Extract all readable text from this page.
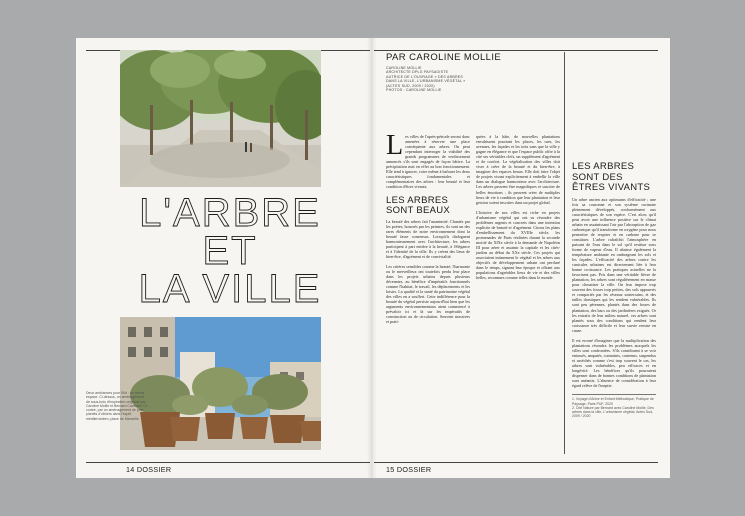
L'ARBRE
ET
LA VILLE
Deux ambiances pour l'ilôt : un même espace. Ci-dessus, un aménagement de sous-bois d'inspiration végétale par Caroline Mollie et Bernard Cavenne. Ci-contre, par un aménagement de pots plantés d'oliviers dans l'esprit méditerranéen, place de Marseille.
14 DOSSIER
PAR CAROLINE MOLLIE
CAROLINE MOLLIE
ARCHITECTE DPLG PAYSAGISTE
AUTRICE DE L'OUVRAGE « DES ARBRES
DANS LA VILLE, L'URBANISME VÉGÉTAL »
(ACTES SUD, 2009 / 2020)
PHOTOS : CAROLINE MOLLIE
L es villes de l'après-période seront donc amenées à réserver une place conséquente aux arbres. On peut cependant interroger la viabilité des grands programmes de verdissement annoncés s'ils sont engagés de façon hâtive. La précipitation nuit en effet au bon fonctionnement. Elle tend à ignorer, voire même à bafouer les deux caractéristiques fondamentales et complémentaires des arbres : leur beauté et leur condition d'êtres vivants.
LES ARBRES SONT BEAUX
La beauté des arbres fait l'unanimité. Chantés par les poètes, honorés par les peintres, ils sont un des rares éléments de notre environnement dont la beauté fasse consensus. Lorsqu'ils dialoguent harmonieusement avec l'architecture, les arbres participent à part entière à la beauté, à l'élégance et à l'identité de la ville. Ils y créent des lieux de bien-être, d'agrément et de convivialité.
Les critères sensibles comme la beauté, l'harmonie ou le merveilleux ont toutefois perdu leur place dans les projets urbains depuis plusieurs décennies, au bénéfice d'impératifs fonctionnels comme l'habitat, le travail, les déplacements et les loisirs. La qualité et la santé du patrimoine végétal des villes en a souffert. Cette indifférence pour la beauté du végétal persiste aujourd'hui bien que les arguments environnementaux aient commencé à prévaloir ici et là sur les impératifs de construction ou de circulation. Souvent massives et prati-
quées à la hâte, de nouvelles plantations envahissent pourtant les places, les rues, les avenues, les façades et les toits sans que la ville y gagne en élégance et que l'espace public offre à la cité ses véritables clefs, un supplément d'agrément et de confort. La végétalisation des villes doit viser à créer de la beauté et du bien-être, à imaginer des espaces beaux. Elle doit faire l'objet de projets visant explicitement à embellir la ville dans un dialogue harmonieux avec l'architecture. Les arbres peuvent être magnifiques et susciter de belles émotions ; ils peuvent créer de multiples lieux de vie à condition que leur plantation et leur gestion soient inscrites dans un projet global.
L'histoire de nos villes est riche en projets d'urbanisme végétal qui ont su résoudre des problèmes urgents et concrets dans une intention explicite de beauté et d'agrément. Citons les plans d'embellissement du XVIIIe siècle, les promenades de Paris réalisées durant la seconde moitié du XIXe siècle à la demande de Napoléon III pour aérer et assainir la capitale et les cités-jardins au début du XXe siècle. Ces projets qui associaient intimement le végétal et les arbres aux objectifs de développement urbain ont perduré dans le temps, signant leur époque et offrant aux populations d'agréables lieux de vie et des villes belles, reconnues comme telles dans le monde.
LES ARBRES SONT DES ÊTRES VIVANTS
Un arbre ancien aux optimums d'efficacité ; une fois sa couronne et son système racinaire pleinement développés, conformément aux caractéristiques de son espèce. C'est alors qu'il peut avoir une influence positive sur le climat urbain en assainissant l'air par l'absorption de gaz carbonique qu'il transforme en oxygène pour nous permettre de respirer et en carbone pour se constituer. L'arbre rafraîchit l'atmosphère en puisant de l'eau dans le sol qu'il restitue sous forme de vapeur d'eau. Il abaisse également la température ambiante en ombrageant les sols et les façades. L'efficacité des arbres contre les canicules urbaines est directement liée à leur bonne croissance. Les pratiques actuelles ne la favorisent pas. Pris dans une véritable fièvre de plantation, les arbres sont régulièrement en masse pour climatiser la ville. On leur impose trop souvent des fosses trop petites, des sols appauvris et compactés par les réseaux souterrains, et des tailles drastiques qui les rendent vulnérables. Ils sont peu pérennes, plantés dans des fosses de plantation, des bacs ou des jardinières exiguës. Or les extraits de leur milieu naturel, ces arbres sont plantés sous des conditions qui rendent leur croissance très difficile et leur survie remise en cause.
Il est erroné d'imaginer que la multiplication des plantations résoudra les problèmes auxquels les villes sont confrontées. S'ils contribuent à se voir entassés, amputés, contraints, contenus, suspendus et asséchés comme c'est trop souvent le cas, les arbres sont vulnérables, peu efficaces et en longévité. Les bénéfices qu'ils pourraient dispenser dans de bonnes conditions de plantation sont anéantis. L'absence de considération à leur égard relève de l'ineptie.
1. Voyage d'Arbre et Enfant Méthodique, Pratique de Paysage, Paris PUF, 2020
2. Cité Nature par Bernard avec Caroline Mollie, Des arbres dans la ville, L'urbanisme végétal, Actes Sud, 2009 / 2020
15 DOSSIER
